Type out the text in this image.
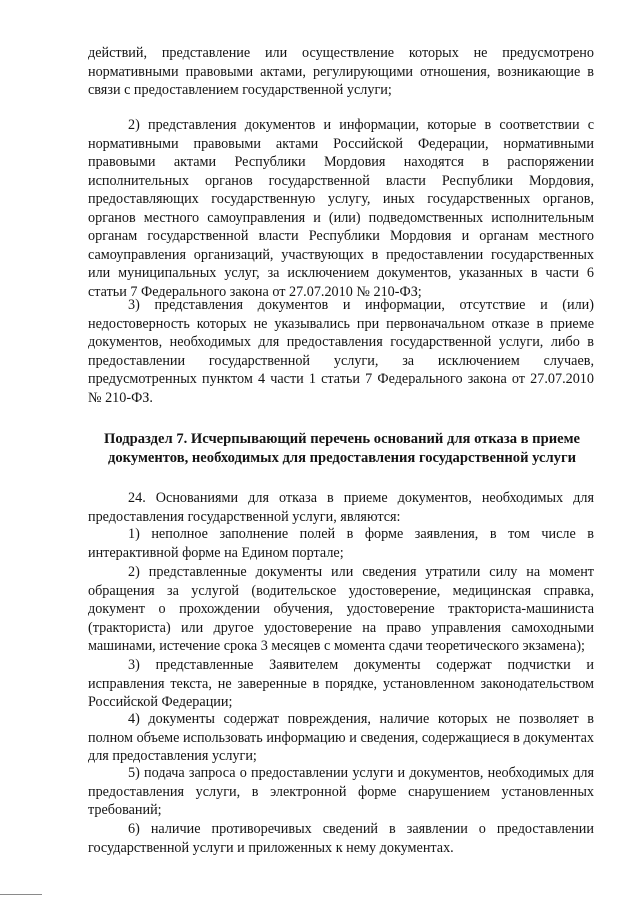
действий, представление или осуществление которых не предусмотрено нормативными правовыми актами, регулирующими отношения, возникающие в связи с предоставлением государственной услуги;
2) представления документов и информации, которые в соответствии с нормативными правовыми актами Российской Федерации, нормативными правовыми актами Республики Мордовия находятся в распоряжении исполнительных органов государственной власти Республики Мордовия, предоставляющих государственную услугу, иных государственных органов, органов местного самоуправления и (или) подведомственных исполнительным органам государственной власти Республики Мордовия и органам местного самоуправления организаций, участвующих в предоставлении государственных или муниципальных услуг, за исключением документов, указанных в части 6 статьи 7 Федерального закона от 27.07.2010 № 210-ФЗ;
3) представления документов и информации, отсутствие и (или) недостоверность которых не указывались при первоначальном отказе в приеме документов, необходимых для предоставления государственной услуги, либо в предоставлении государственной услуги, за исключением случаев, предусмотренных пунктом 4 части 1 статьи 7 Федерального закона от 27.07.2010 № 210-ФЗ.
Подраздел 7. Исчерпывающий перечень оснований для отказа в приеме документов, необходимых для предоставления государственной услуги
24. Основаниями для отказа в приеме документов, необходимых для предоставления государственной услуги, являются:
1) неполное заполнение полей в форме заявления, в том числе в интерактивной форме на Едином портале;
2) представленные документы или сведения утратили силу на момент обращения за услугой (водительское удостоверение, медицинская справка, документ о прохождении обучения, удостоверение тракториста-машиниста (тракториста) или другое удостоверение на право управления самоходными машинами, истечение срока 3 месяцев с момента сдачи теоретического экзамена);
3) представленные Заявителем документы содержат подчистки и исправления текста, не заверенные в порядке, установленном законодательством Российской Федерации;
4) документы содержат повреждения, наличие которых не позволяет в полном объеме использовать информацию и сведения, содержащиеся в документах для предоставления услуги;
5) подача запроса о предоставлении услуги и документов, необходимых для предоставления услуги, в электронной форме снарушением установленных требований;
6) наличие противоречивых сведений в заявлении о предоставлении государственной услуги и приложенных к нему документах.
